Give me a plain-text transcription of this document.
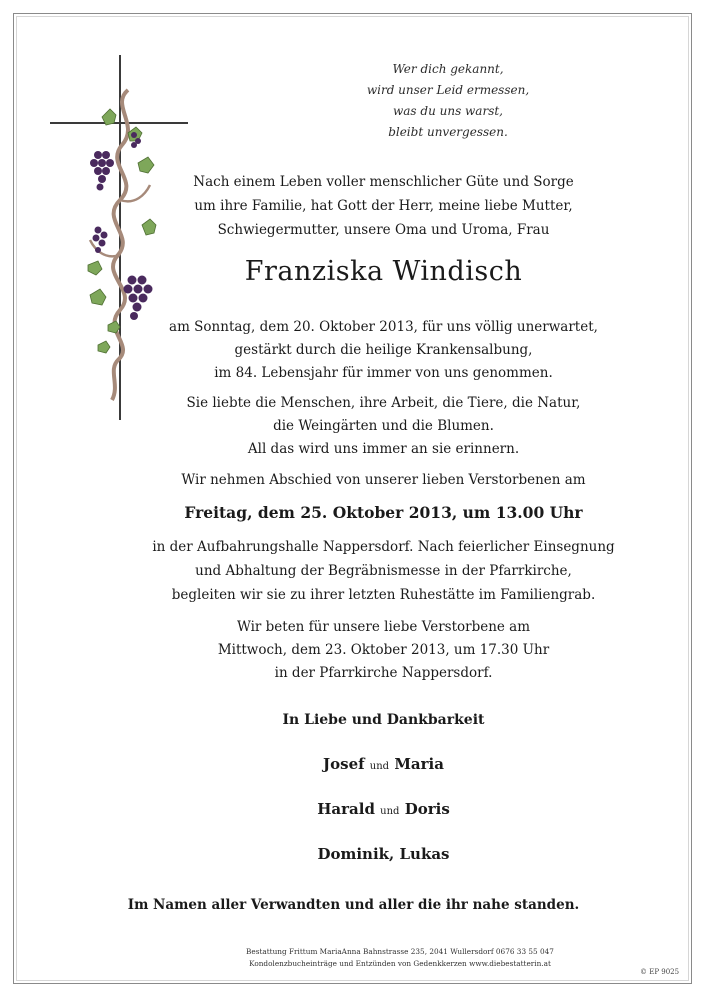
Wer dich gekannt,
wird unser Leid ermessen,
was du uns warst,
bleibt unvergessen.
Nach einem Leben voller menschlicher Güte und Sorge
um ihre Familie, hat Gott der Herr, meine liebe Mutter,
Schwiegermutter, unsere Oma und Uroma, Frau
Franziska Windisch
am Sonntag, dem 20. Oktober 2013, für uns völlig unerwartet,
gestärkt durch die heilige Krankensalbung,
im 84. Lebensjahr für immer von uns genommen.
Sie liebte die Menschen, ihre Arbeit, die Tiere, die Natur,
die Weingärten und die Blumen.
All das wird uns immer an sie erinnern.
Wir nehmen Abschied von unserer lieben Verstorbenen am
Freitag, dem 25. Oktober 2013, um 13.00 Uhr
in der Aufbahrungshalle Nappersdorf. Nach feierlicher Einsegnung
und Abhaltung der Begräbnismesse in der Pfarrkirche,
begleiten wir sie zu ihrer letzten Ruhestätte im Familiengrab.
Wir beten für unsere liebe Verstorbene am
Mittwoch, dem 23. Oktober 2013, um 17.30 Uhr
in der Pfarrkirche Nappersdorf.
In Liebe und Dankbarkeit
Josef und Maria
Harald und Doris
Dominik, Lukas
Im Namen aller Verwandten und aller die ihr nahe standen.
Bestattung Frittum MariaAnna Bahnstrasse 235, 2041 Wullersdorf 0676 33 55 047
Kondolenzbucheinträge und Entzünden von Gedenkkerzen www.diebestatterin.at
© EP 9025
